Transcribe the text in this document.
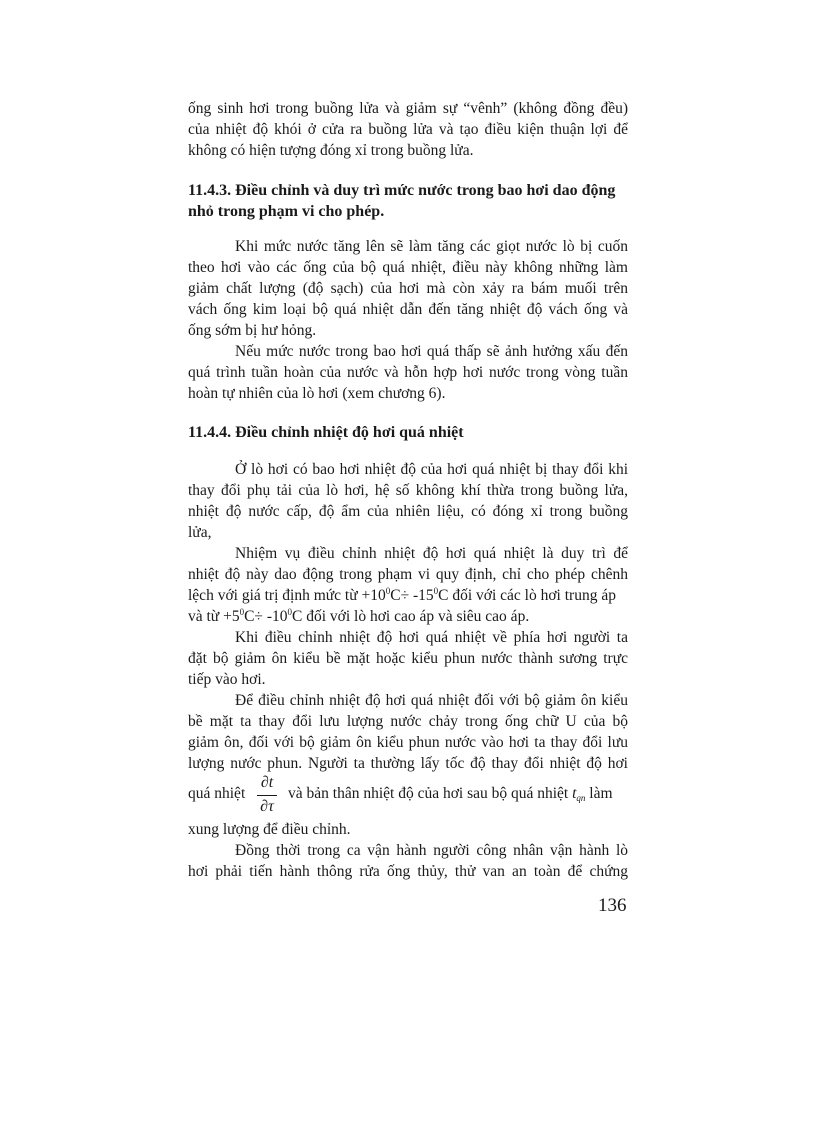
ống sinh hơi trong buồng lửa và giảm sự “vênh” (không đồng đều)
của nhiệt độ khói ở cửa ra buồng lửa và tạo điều kiện thuận lợi để
không có hiện tượng đóng xỉ trong buồng lửa.
11.4.3. Điều chỉnh và duy trì mức nước trong bao hơi dao động
nhỏ trong phạm vi cho phép.
Khi mức nước tăng lên sẽ làm tăng các giọt nước lò bị cuốn
theo hơi vào các ống của bộ quá nhiệt, điều này không những làm
giảm chất lượng (độ sạch) của hơi mà còn xảy ra bám muối trên
vách ống kim loại bộ quá nhiệt dẫn đến tăng nhiệt độ vách ống và
ống sớm bị hư hỏng.
Nếu mức nước trong bao hơi quá thấp sẽ ảnh hưởng xấu đến
quá trình tuần hoàn của nước và hỗn hợp hơi nước trong vòng tuần
hoàn tự nhiên của lò hơi (xem chương 6).
11.4.4. Điều chỉnh nhiệt độ hơi quá nhiệt
Ở lò hơi có bao hơi nhiệt độ của hơi quá nhiệt bị thay đổi khi
thay đổi phụ tải của lò hơi, hệ số không khí thừa trong buồng lửa,
nhiệt độ nước cấp, độ ẩm của nhiên liệu, có đóng xỉ trong buồng
lửa,
Nhiệm vụ điều chỉnh nhiệt độ hơi quá nhiệt là duy trì để
nhiệt độ này dao động trong phạm vi quy định, chỉ cho phép chênh
lệch với giá trị định mức từ $+10^0C\div -15^0C$ đối với các lò hơi trung áp
và từ $+5^0C\div -10^0C$ đối với lò hơi cao áp và siêu cao áp.
Khi điều chỉnh nhiệt độ hơi quá nhiệt về phía hơi người ta
đặt bộ giảm ôn kiểu bề mặt hoặc kiểu phun nước thành sương trực
tiếp vào hơi.
Để điều chỉnh nhiệt độ hơi quá nhiệt đối với bộ giảm ôn kiểu
bề mặt ta thay đổi lưu lượng nước chảy trong ống chữ U của bộ
giảm ôn, đối với bộ giảm ôn kiểu phun nước vào hơi ta thay đổi lưu
lượng nước phun. Người ta thường lấy tốc độ thay đổi nhiệt độ hơi
quá nhiệt
∂t
∂τ
và bản thân nhiệt độ của hơi sau bộ quá nhiệt $t_{qn}$ làm
xung lượng để điều chỉnh.
Đồng thời trong ca vận hành người công nhân vận hành lò
hơi phải tiến hành thông rửa ống thủy, thử van an toàn để chứng
136
